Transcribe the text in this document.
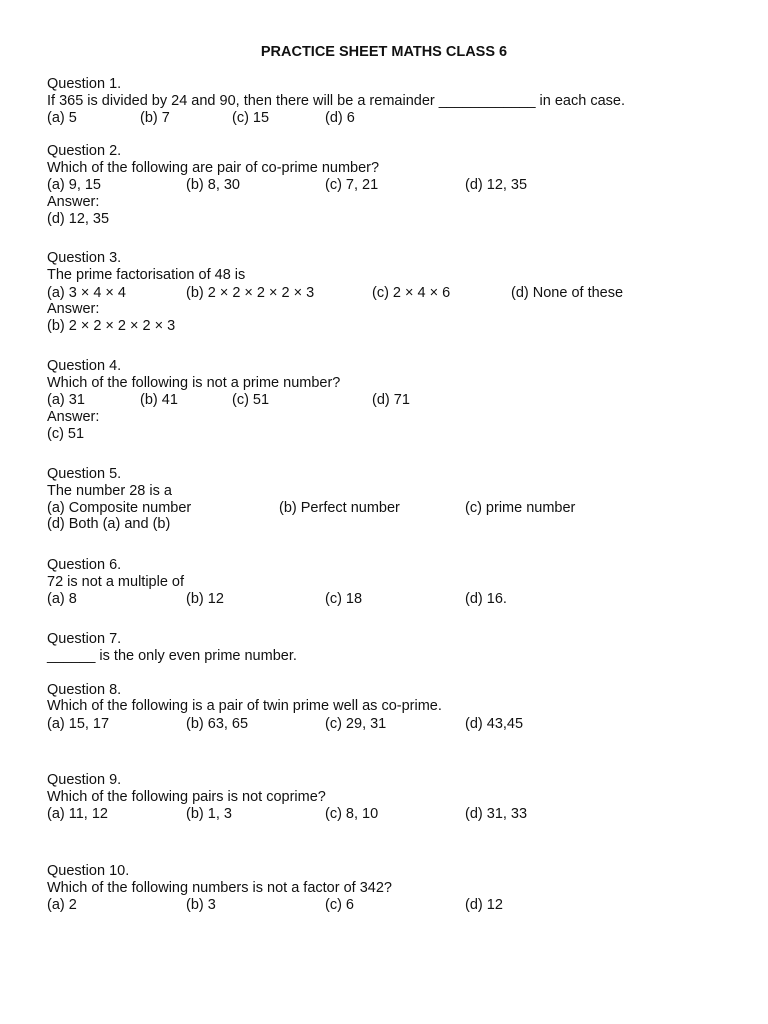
PRACTICE SHEET MATHS CLASS 6
Question 1.
If 365 is divided by 24 and 90, then there will be a remainder ____________ in each case.
(a) 5	(b) 7	(c) 15	(d) 6
Question 2.
Which of the following are pair of co-prime number?
(a) 9, 15	(b) 8, 30	(c) 7, 21	(d) 12, 35
Answer:
(d) 12, 35
Question 3.
The prime factorisation of 48 is
(a) 3 × 4 × 4	(b) 2 × 2 × 2 × 2 × 3	(c) 2 × 4 × 6	(d) None of these
Answer:
(b) 2 × 2 × 2 × 2 × 3
Question 4.
Which of the following is not a prime number?
(a) 31	(b) 41	(c) 51	(d) 71
Answer:
(c) 51
Question 5.
The number 28 is a
(a) Composite number	(b) Perfect number	(c) prime number
(d) Both (a) and (b)
Question 6.
72 is not a multiple of
(a) 8	(b) 12	(c) 18	(d) 16.
Question 7.
______ is the only even prime number.
Question 8.
Which of the following is a pair of twin prime well as co-prime.
(a) 15, 17	(b) 63, 65	(c) 29, 31	(d) 43,45
Question 9.
Which of the following pairs is not coprime?
(a) 11, 12	(b) 1, 3	(c) 8, 10	(d) 31, 33
Question 10.
Which of the following numbers is not a factor of 342?
(a) 2	(b) 3	(c) 6	(d) 12
